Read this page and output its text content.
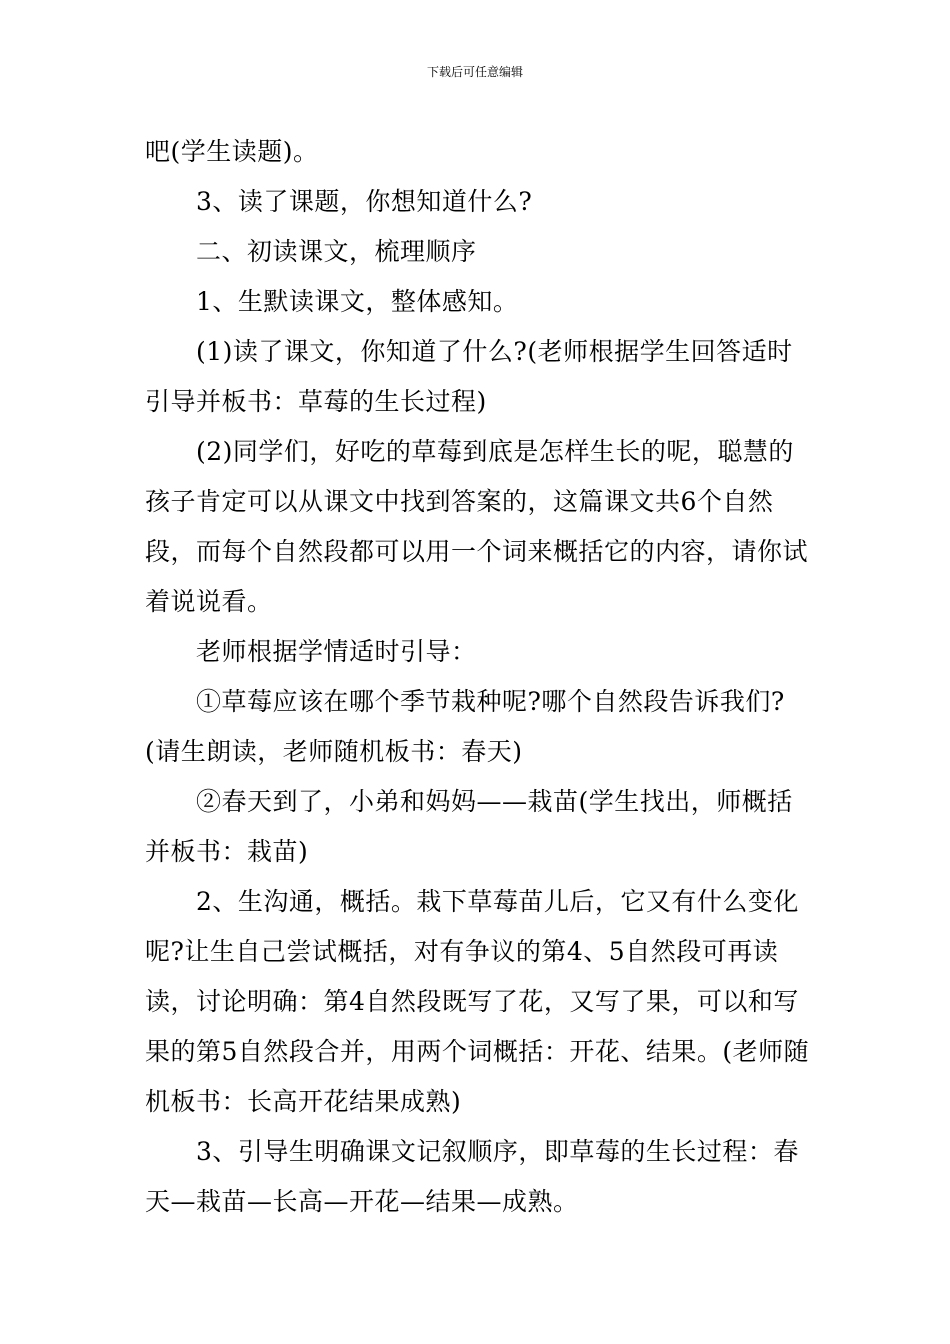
下载后可任意编辑

吧(学生读题)。

3、读了课题，你想知道什么?

二、初读课文，梳理顺序

1、生默读课文，整体感知。

(1)读了课文，你知道了什么?(老师根据学生回答适时引导并板书：草莓的生长过程)

(2)同学们，好吃的草莓到底是怎样生长的呢，聪慧的孩子肯定可以从课文中找到答案的，这篇课文共6个自然段，而每个自然段都可以用一个词来概括它的内容，请你试着说说看。

老师根据学情适时引导：

①草莓应该在哪个季节栽种呢?哪个自然段告诉我们?(请生朗读，老师随机板书：春天)

②春天到了，小弟和妈妈——栽苗(学生找出，师概括并板书：栽苗)

2、生沟通，概括。栽下草莓苗儿后，它又有什么变化呢?让生自己尝试概括，对有争议的第4、5自然段可再读读，讨论明确：第4自然段既写了花，又写了果，可以和写果的第5自然段合并，用两个词概括：开花、结果。(老师随机板书：长高开花结果成熟)

3、引导生明确课文记叙顺序，即草莓的生长过程：春天—栽苗—长高—开花—结果—成熟。
